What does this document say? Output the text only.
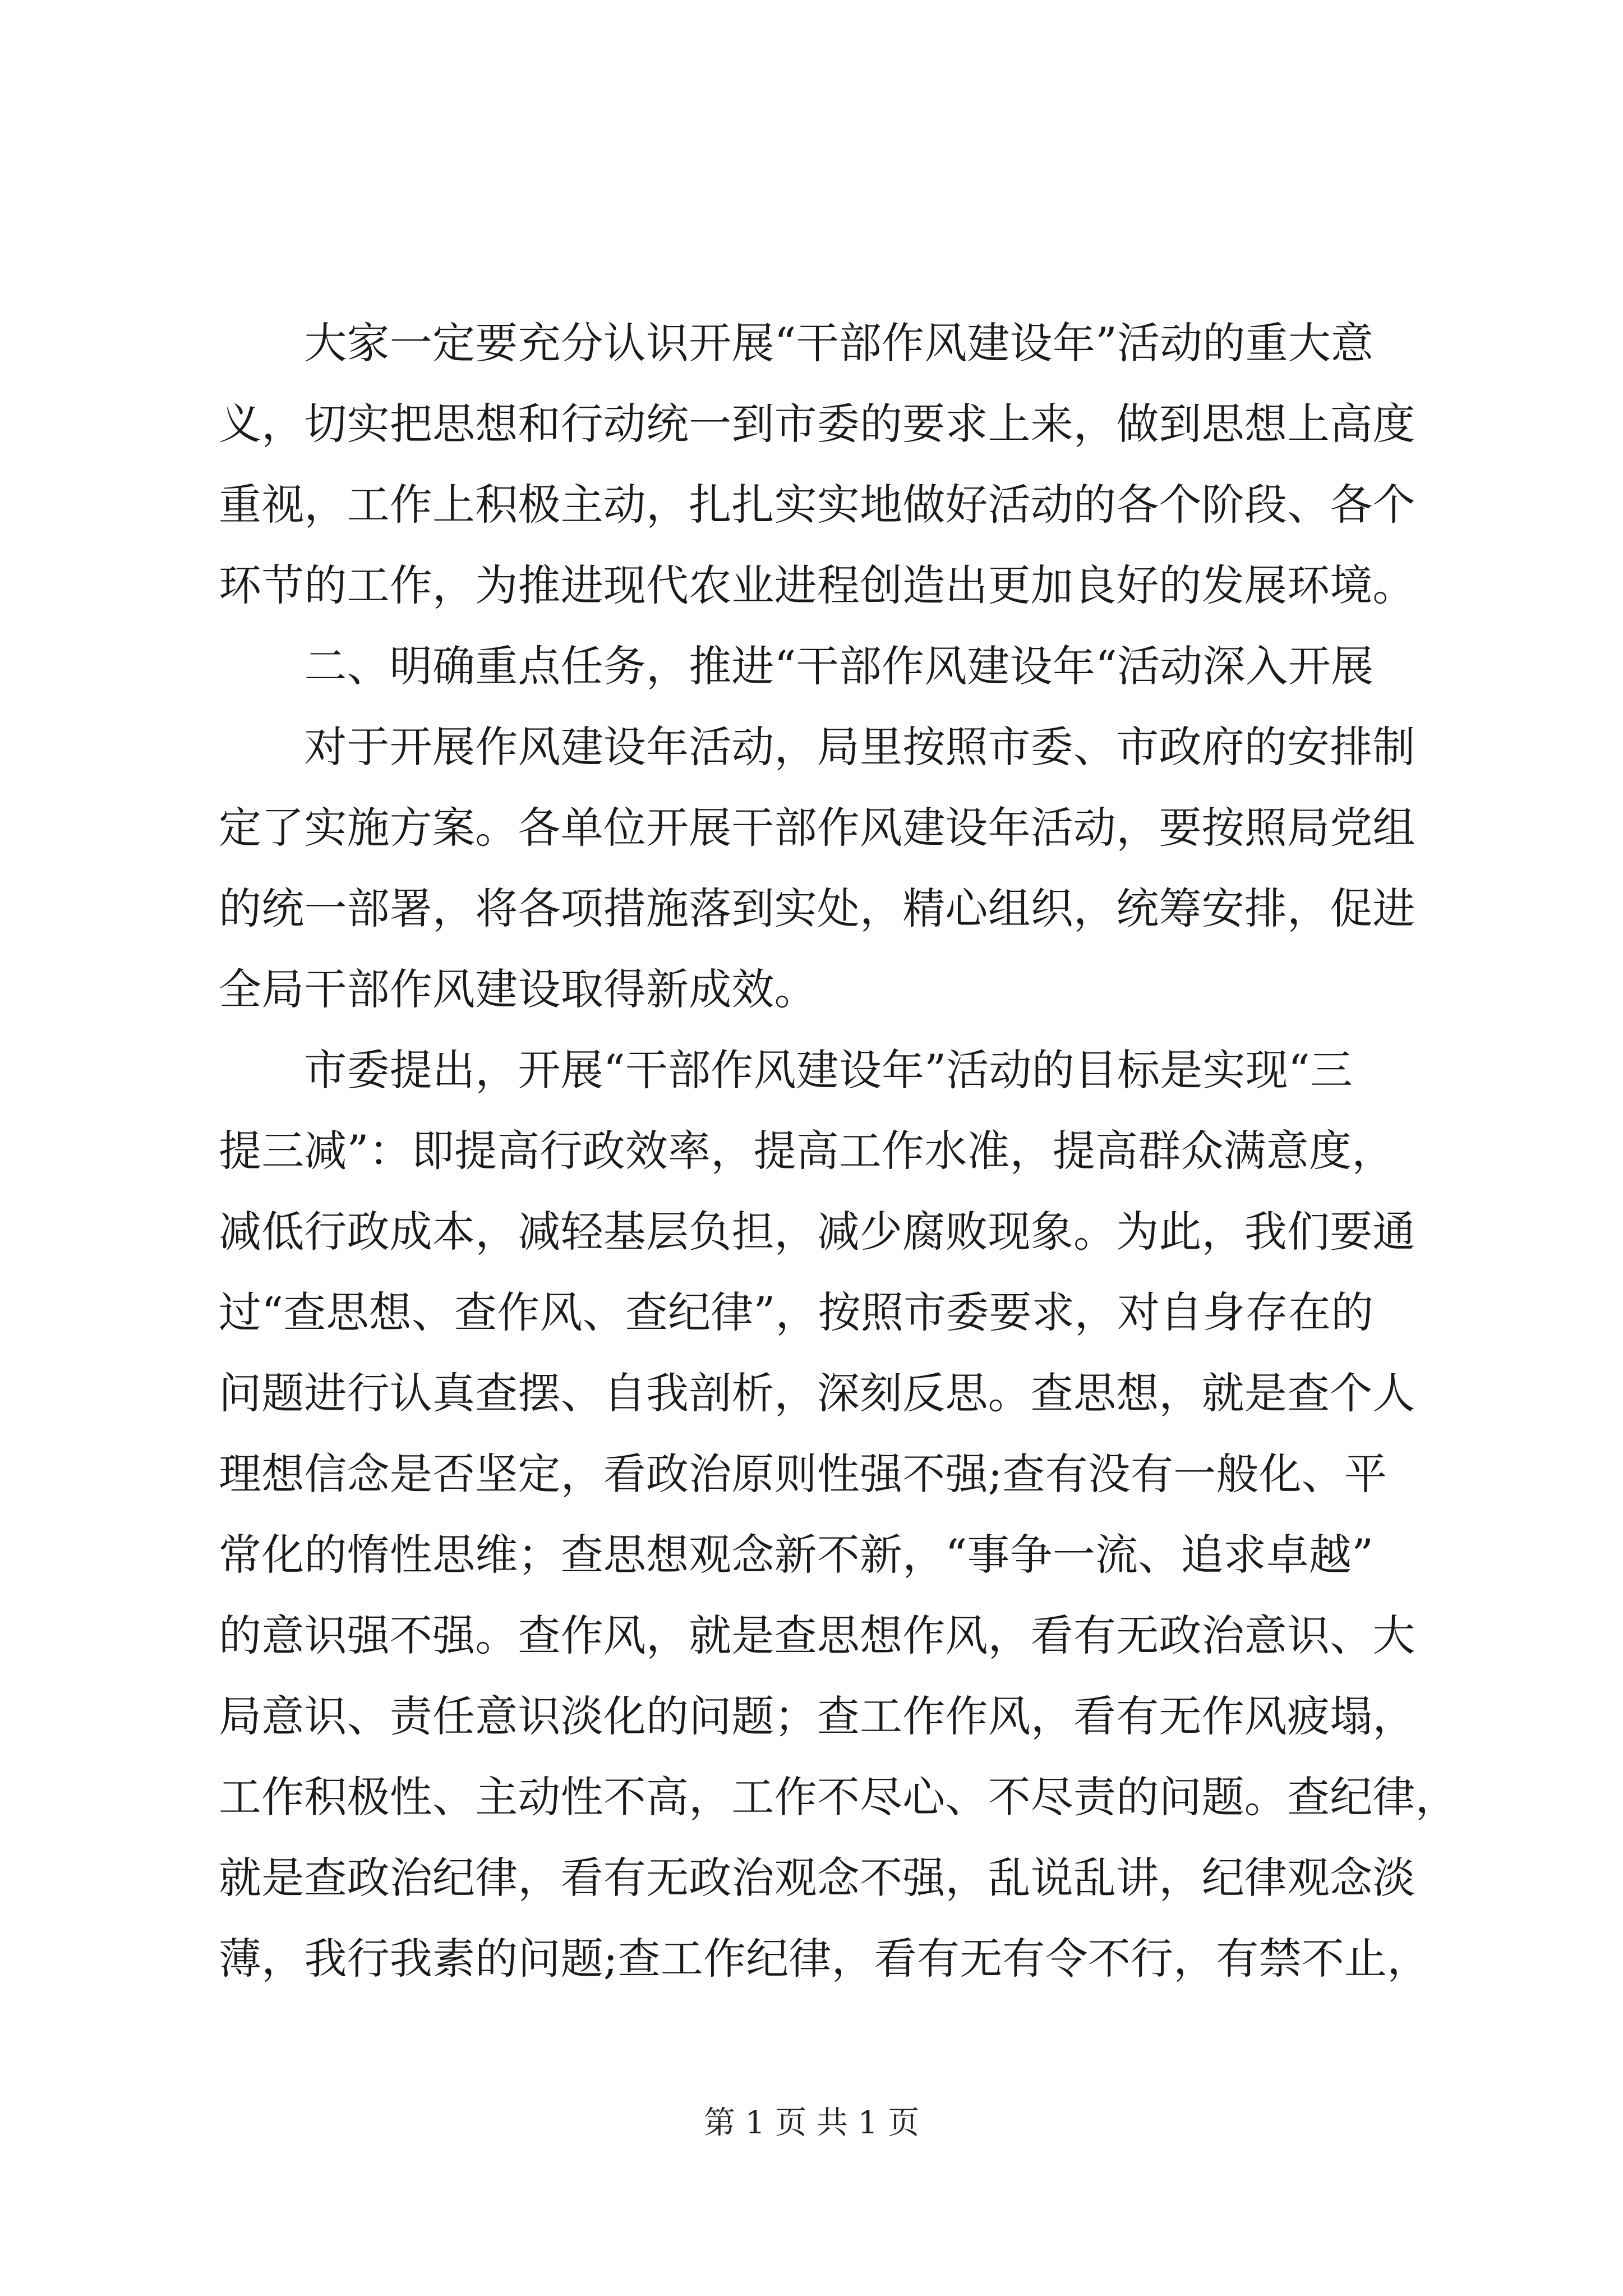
　　大家一定要充分认识开展“干部作风建设年”活动的重大意
义，切实把思想和行动统一到市委的要求上来，做到思想上高度
重视，工作上积极主动，扎扎实实地做好活动的各个阶段、各个
环节的工作，为推进现代农业进程创造出更加良好的发展环境。
　　二、明确重点任务，推进“干部作风建设年“活动深入开展
　　对于开展作风建设年活动，局里按照市委、市政府的安排制
定了实施方案。各单位开展干部作风建设年活动，要按照局党组
的统一部署，将各项措施落到实处，精心组织，统筹安排，促进
全局干部作风建设取得新成效。
　　市委提出，开展“干部作风建设年”活动的目标是实现“三
提三减”：即提高行政效率，提高工作水准，提高群众满意度，
减低行政成本，减轻基层负担，减少腐败现象。为此，我们要通
过“查思想、查作风、查纪律”，按照市委要求，对自身存在的
问题进行认真查摆、自我剖析，深刻反思。查思想，就是查个人
理想信念是否坚定，看政治原则性强不强;查有没有一般化、平
常化的惰性思维；查思想观念新不新，“事争一流、追求卓越”
的意识强不强。查作风，就是查思想作风，看有无政治意识、大
局意识、责任意识淡化的问题；查工作作风，看有无作风疲塌，
工作积极性、主动性不高，工作不尽心、不尽责的问题。查纪律，
就是查政治纪律，看有无政治观念不强，乱说乱讲，纪律观念淡
薄，我行我素的问题;查工作纪律，看有无有令不行，有禁不止，
第 1 页 共 1 页
